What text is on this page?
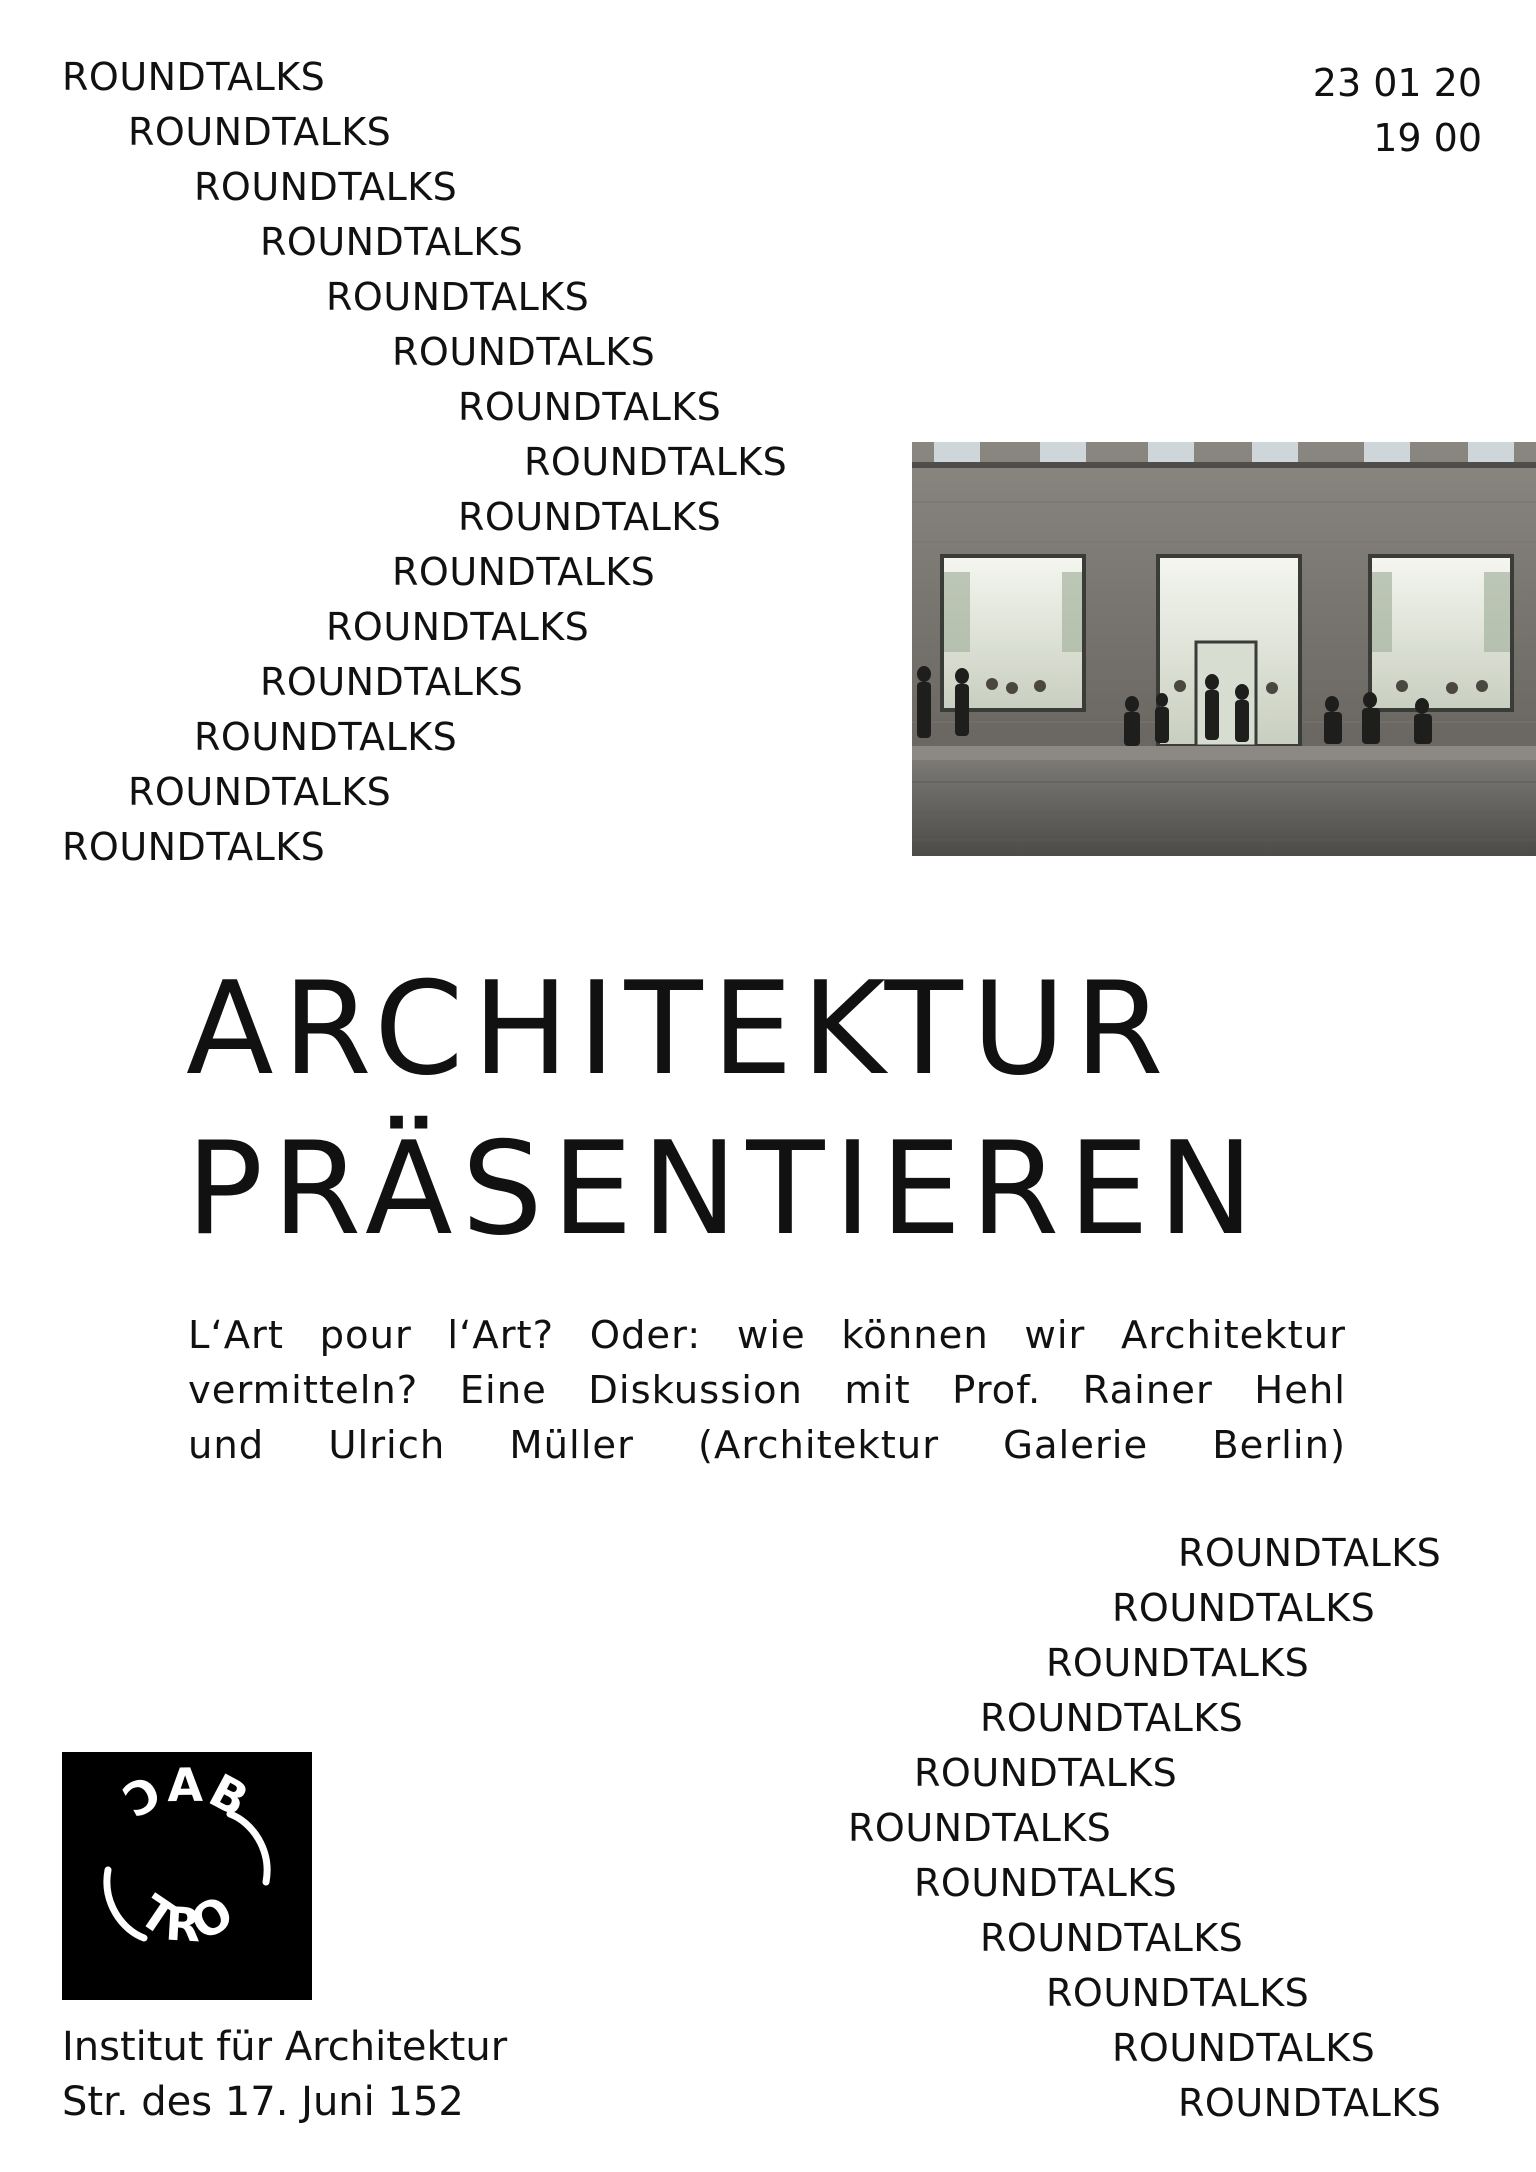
ROUNDTALKS

ROUNDTALKS

ROUNDTALKS

ROUNDTALKS

ROUNDTALKS

ROUNDTALKS

ROUNDTALKS

ROUNDTALKS

ROUNDTALKS

ROUNDTALKS

ROUNDTALKS

ROUNDTALKS

ROUNDTALKS

ROUNDTALKS

ROUNDTALKS

23 01 20
19 00
ARCHITEKTUR
PRÄSENTIEREN
L‘Art pour l‘Art? Oder: wie können wir Architektur
vermitteln? Eine Diskussion mit Prof. Rainer Hehl
und Ulrich Müller (Architektur Galerie Berlin)

ROUNDTALKS

ROUNDTALKS

ROUNDTALKS

ROUNDTALKS

ROUNDTALKS

ROUNDTALKS

ROUNDTALKS

ROUNDTALKS

ROUNDTALKS

ROUNDTALKS

ROUNDTALKS

ƆAB
TRO
Institut für Architektur
Str. des 17. Juni 152
